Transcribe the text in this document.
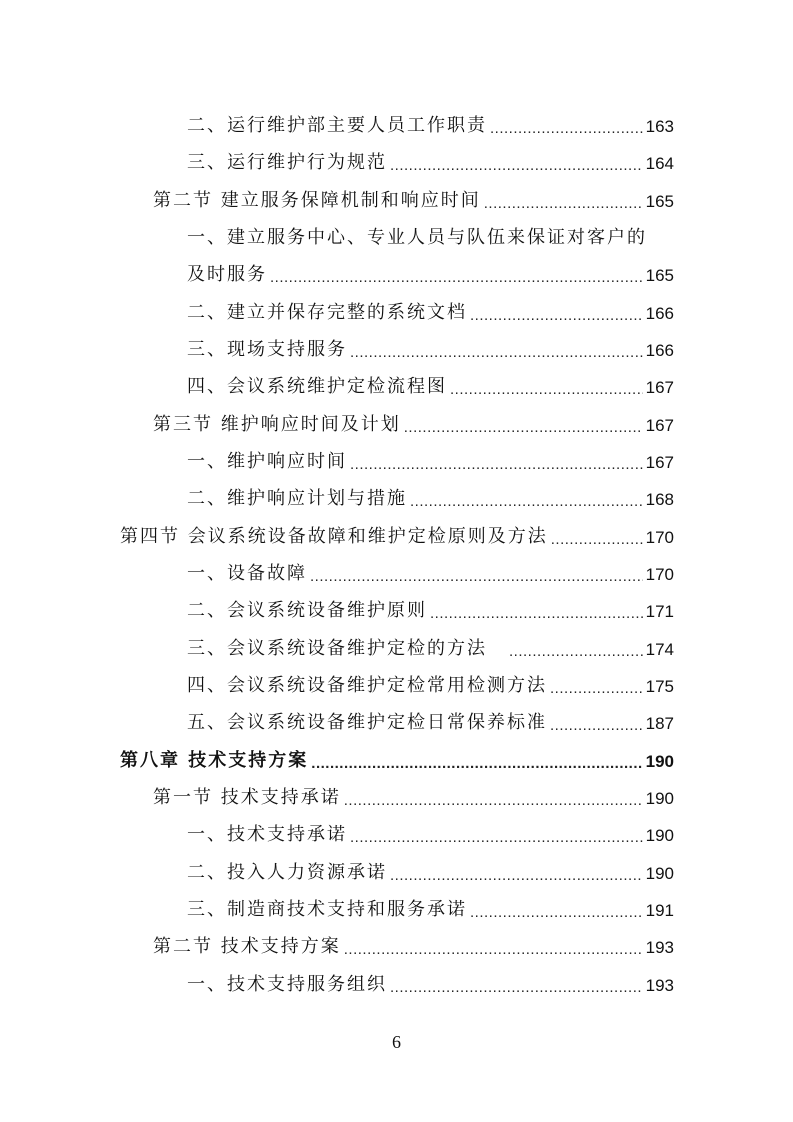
二、运行维护部主要人员工作职责 .....	163
三、运行维护行为规范 .....	164
第二节 建立服务保障机制和响应时间 .....	165
一、建立服务中心、专业人员与队伍来保证对客户的
及时服务 .....	165
二、建立并保存完整的系统文档 .....	166
三、现场支持服务 .....	166
四、会议系统维护定检流程图 .....	167
第三节 维护响应时间及计划 .....	167
一、维护响应时间 .....	167
二、维护响应计划与措施 .....	168
第四节 会议系统设备故障和维护定检原则及方法 .....	170
一、设备故障 .....	170
二、会议系统设备维护原则 .....	171
三、会议系统设备维护定检的方法 .....	174
四、会议系统设备维护定检常用检测方法 .....	175
五、会议系统设备维护定检日常保养标准 .....	187
第八章 技术支持方案 .....	190
第一节 技术支持承诺 .....	190
一、技术支持承诺 .....	190
二、投入人力资源承诺 .....	190
三、制造商技术支持和服务承诺 .....	191
第二节 技术支持方案 .....	193
一、技术支持服务组织 .....	193
6
